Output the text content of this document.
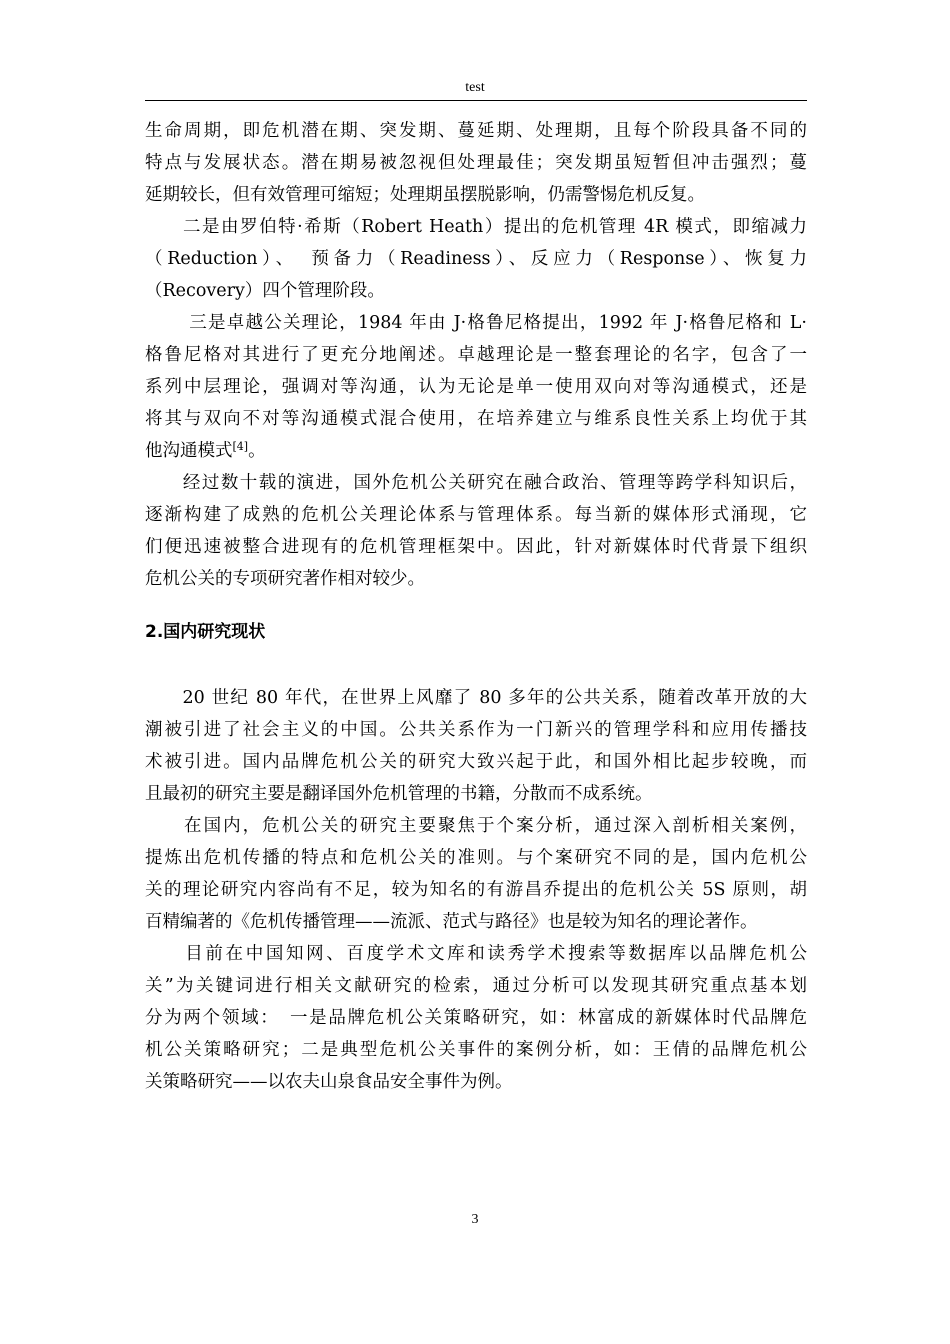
test
生命周期，即危机潜在期、突发期、蔓延期、处理期，且每个阶段具备不同的
特点与发展状态。潜在期易被忽视但处理最佳；突发期虽短暂但冲击强烈；蔓
延期较长，但有效管理可缩短；处理期虽摆脱影响，仍需警惕危机反复。
　　二是由罗伯特·希斯（Robert Heath）提出的危机管理 4R 模式，即缩减力
（Reduction）、　预备力（Readiness）、反应力（Response）、恢复力
（Recovery）四个管理阶段。
　　 三是卓越公关理论，1984 年由 J·格鲁尼格提出，1992 年 J·格鲁尼格和 L·
格鲁尼格对其进行了更充分地阐述。卓越理论是一整套理论的名字，包含了一
系列中层理论，强调对等沟通，认为无论是单一使用双向对等沟通模式，还是
将其与双向不对等沟通模式混合使用，在培养建立与维系良性关系上均优于其
他沟通模式[4]。
　　经过数十载的演进，国外危机公关研究在融合政治、管理等跨学科知识后，
逐渐构建了成熟的危机公关理论体系与管理体系。每当新的媒体形式涌现，它
们便迅速被整合进现有的危机管理框架中。因此，针对新媒体时代背景下组织
危机公关的专项研究著作相对较少。
2.国内研究现状
　　20 世纪 80 年代，在世界上风靡了 80 多年的公共关系，随着改革开放的大
潮被引进了社会主义的中国。公共关系作为一门新兴的管理学科和应用传播技
术被引进。国内品牌危机公关的研究大致兴起于此，和国外相比起步较晚，而
且最初的研究主要是翻译国外危机管理的书籍，分散而不成系统。
　　在国内，危机公关的研究主要聚焦于个案分析，通过深入剖析相关案例，
提炼出危机传播的特点和危机公关的准则。与个案研究不同的是，国内危机公
关的理论研究内容尚有不足，较为知名的有游昌乔提出的危机公关 5S 原则，胡
百精编著的《危机传播管理——流派、范式与路径》也是较为知名的理论著作。
　　目前在中国知网、百度学术文库和读秀学术搜索等数据库以品牌危机公
关”为关键词进行相关文献研究的检索，通过分析可以发现其研究重点基本划
分为两个领域：　一是品牌危机公关策略研究，如：林富成的新媒体时代品牌危
机公关策略研究；二是典型危机公关事件的案例分析，如：王倩的品牌危机公
关策略研究——以农夫山泉食品安全事件为例。
3
